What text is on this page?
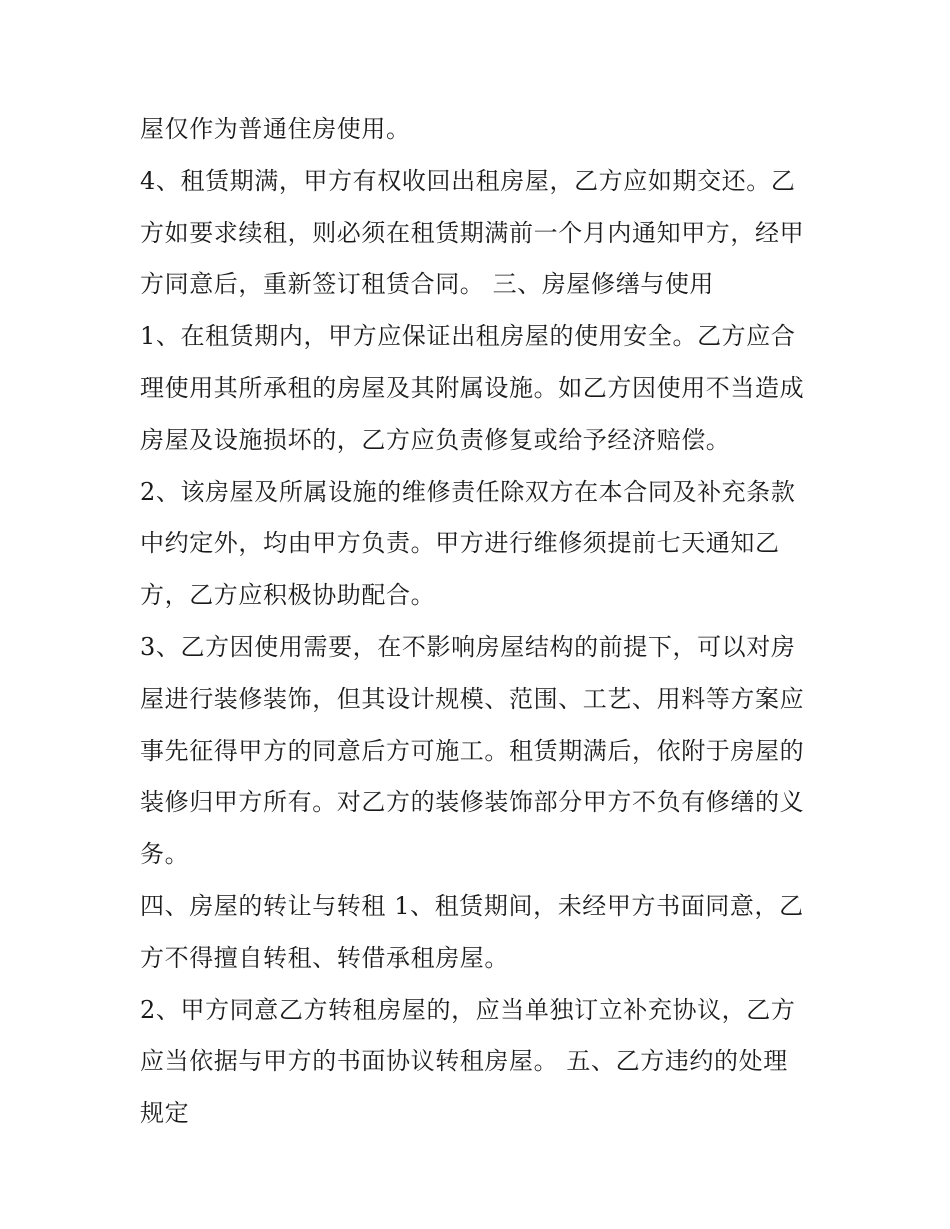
屋仅作为普通住房使用。
4、租赁期满，甲方有权收回出租房屋，乙方应如期交还。乙
方如要求续租，则必须在租赁期满前一个月内通知甲方，经甲
方同意后，重新签订租赁合同。 三、房屋修缮与使用
1、在租赁期内，甲方应保证出租房屋的使用安全。乙方应合
理使用其所承租的房屋及其附属设施。如乙方因使用不当造成
房屋及设施损坏的，乙方应负责修复或给予经济赔偿。
2、该房屋及所属设施的维修责任除双方在本合同及补充条款
中约定外，均由甲方负责。甲方进行维修须提前七天通知乙
方，乙方应积极协助配合。
3、乙方因使用需要，在不影响房屋结构的前提下，可以对房
屋进行装修装饰，但其设计规模、范围、工艺、用料等方案应
事先征得甲方的同意后方可施工。租赁期满后，依附于房屋的
装修归甲方所有。对乙方的装修装饰部分甲方不负有修缮的义
务。
四、房屋的转让与转租 1、租赁期间，未经甲方书面同意，乙
方不得擅自转租、转借承租房屋。
2、甲方同意乙方转租房屋的，应当单独订立补充协议，乙方
应当依据与甲方的书面协议转租房屋。 五、乙方违约的处理
规定
